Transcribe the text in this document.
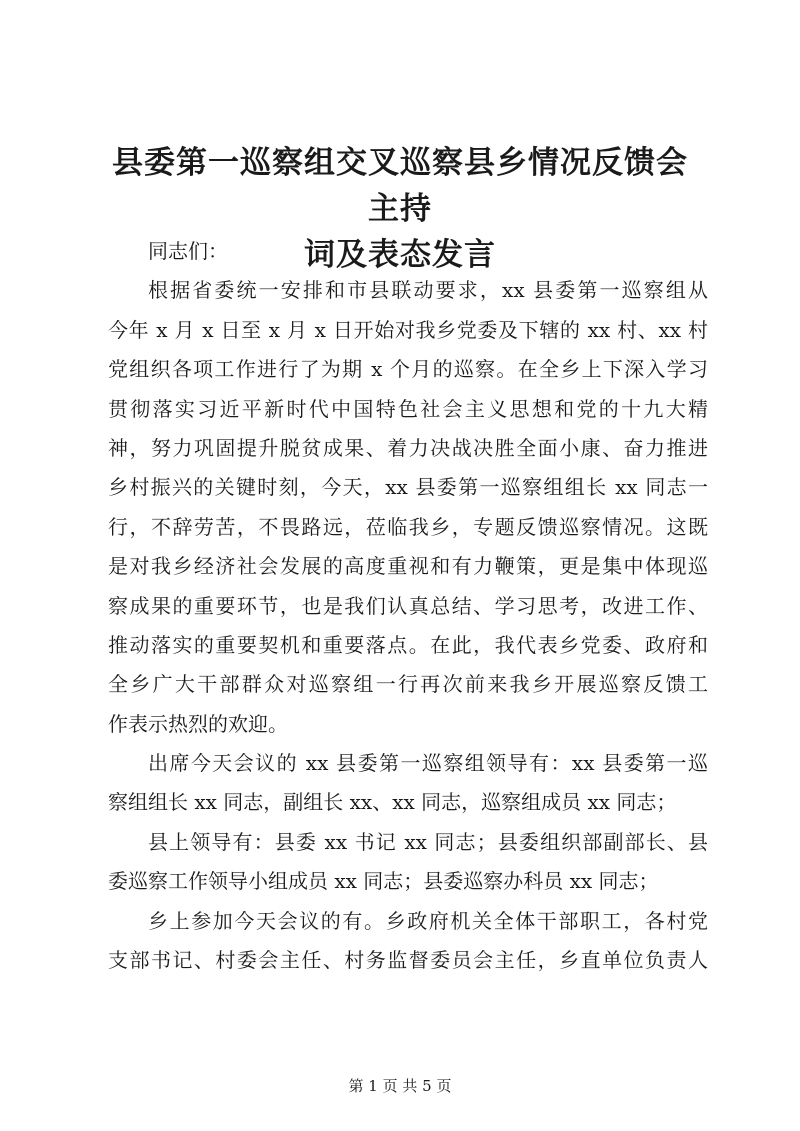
县委第一巡察组交叉巡察县乡情况反馈会主持
词及表态发言
同志们：
根据省委统一安排和市县联动要求，xx 县委第一巡察组从
今年 x 月 x 日至 x 月 x 日开始对我乡党委及下辖的 xx 村、xx 村
党组织各项工作进行了为期 x 个月的巡察。在全乡上下深入学习
贯彻落实习近平新时代中国特色社会主义思想和党的十九大精
神，努力巩固提升脱贫成果、着力决战决胜全面小康、奋力推进
乡村振兴的关键时刻，今天，xx 县委第一巡察组组长 xx 同志一
行，不辞劳苦，不畏路远，莅临我乡，专题反馈巡察情况。这既
是对我乡经济社会发展的高度重视和有力鞭策，更是集中体现巡
察成果的重要环节，也是我们认真总结、学习思考，改进工作、
推动落实的重要契机和重要落点。在此，我代表乡党委、政府和
全乡广大干部群众对巡察组一行再次前来我乡开展巡察反馈工
作表示热烈的欢迎。
出席今天会议的 xx 县委第一巡察组领导有：xx 县委第一巡
察组组长 xx 同志，副组长 xx、xx 同志，巡察组成员 xx 同志；
县上领导有：县委 xx 书记 xx 同志；县委组织部副部长、县
委巡察工作领导小组成员 xx 同志；县委巡察办科员 xx 同志；
乡上参加今天会议的有。乡政府机关全体干部职工，各村党
支部书记、村委会主任、村务监督委员会主任，乡直单位负责人
第 1 页 共 5 页
